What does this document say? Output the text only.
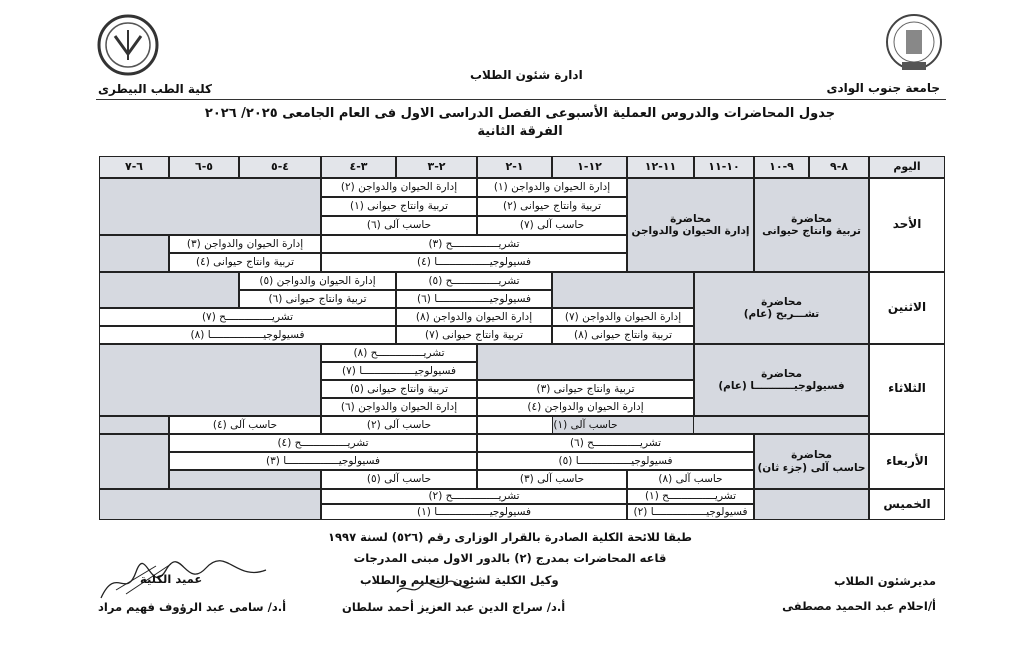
جامعة جنوب الوادى
كلية الطب البيطرى
ادارة شئون الطلاب
جدول المحاضرات والدروس العملية الأسبوعى الفصل الدراسى الاول فى العام الجامعى ٢٠٢٥/ ٢٠٢٦
الفرقة الثانية
اليوم
٨-٩
٩-١٠
١٠-١١
١١-١٢
١٢-١
١-٢
٢-٣
٣-٤
٤-٥
٥-٦
٦-٧
الأحد
محاضرة
تربية وانتاج حيوانى
محاضرة
إدارة الحيوان والدواجن
إدارة الحيوان والدواجن (١)
إدارة الحيوان والدواجن (٢)
تربية وانتاج حيوانى (٢)
تربية وانتاج حيوانى (١)
حاسب آلى (٧)
حاسب آلى (٦)
تشريـــــــــــــــح (٣)
إدارة الحيوان والدواجن (٣)
فسيولوجيـــــــــــــــــا (٤)
تربية وانتاج حيوانى (٤)
الاثنين
محاضرة
تشـــريح (عام)
تشريـــــــــــــــح (٥)
إدارة الحيوان والدواجن (٥)
فسيولوجيـــــــــــــــــا (٦)
تربية وانتاج حيوانى (٦)
إدارة الحيوان والدواجن (٧)
إدارة الحيوان والدواجن (٨)
تشريـــــــــــــــح (٧)
تربية وانتاج حيوانى (٨)
تربية وانتاج حيوانى (٧)
فسيولوجيـــــــــــــــــا (٨)
الثلاثاء
محاضرة
فسيولوجيـــــــــــا (عام)
تشريـــــــــــــــح (٨)
فسيولوجيـــــــــــــــــا (٧)
تربية وانتاج حيوانى (٣)
تربية وانتاج حيوانى (٥)
إدارة الحيوان والدواجن (٤)
إدارة الحيوان والدواجن (٦)
حاسب آلى (١)
حاسب آلى (٢)
حاسب آلى (٤)
الأربعاء
محاضرة
حاسب آلى (جزء ثان)
تشريـــــــــــــــح (٦)
تشريـــــــــــــــح (٤)
فسيولوجيـــــــــــــــــا (٥)
فسيولوجيـــــــــــــــــا (٣)
حاسب آلى (٨)
حاسب آلى (٣)
حاسب آلى (٥)
الخميس
تشريـــــــــــــــح (١)
تشريـــــــــــــــح (٢)
فسيولوجيـــــــــــــــــا (٢)
فسيولوجيـــــــــــــــــا (١)
طبقا للائحة الكلية الصادرة بالقرار الوزارى رقم (٥٢٦) لسنة ١٩٩٧
قاعه المحاضرات بمدرج (٢) بالدور الاول مبنى المدرجات
مديرشئون الطلاب
أ/احلام عبد الحميد مصطفى
وكيل الكلية لشئون التعليم والطلاب
أ.د/ سراج الدين عبد العزيز أحمد سلطان
عميد الكلية
أ.د/ سامى عبد الرؤوف فهيم مراد
